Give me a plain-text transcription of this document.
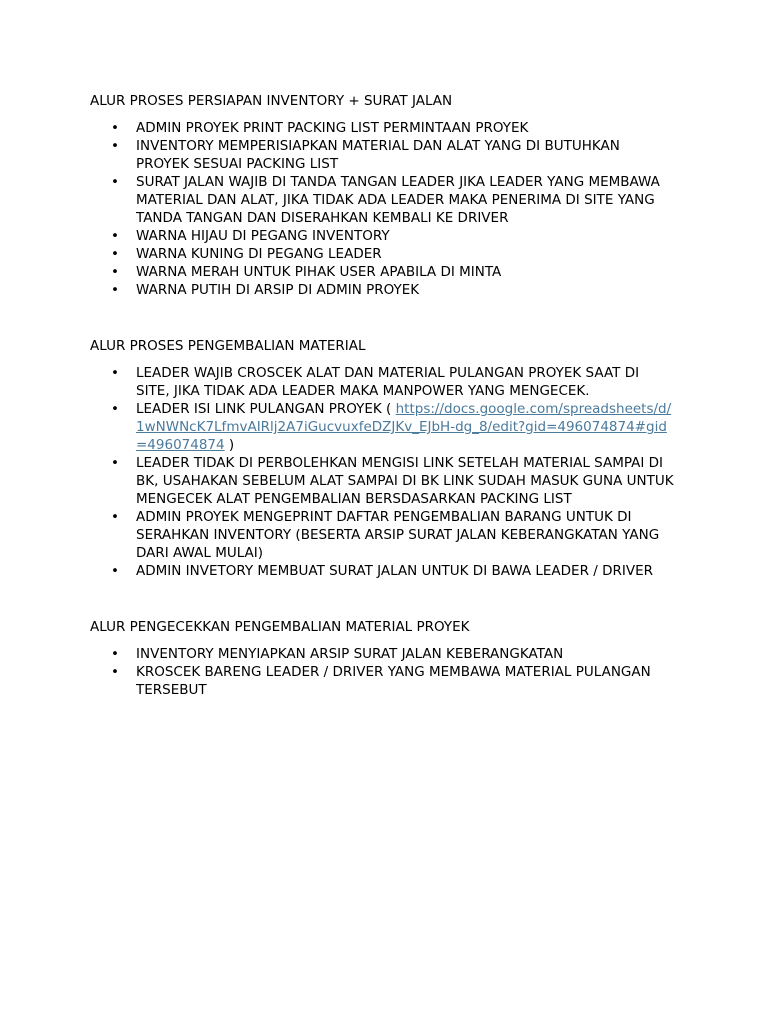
ALUR PROSES PERSIAPAN INVENTORY + SURAT JALAN

• ADMIN PROYEK PRINT PACKING LIST PERMINTAAN PROYEK
• INVENTORY MEMPERISIAPKAN MATERIAL DAN ALAT YANG DI BUTUHKAN PROYEK SESUAI PACKING LIST
• SURAT JALAN WAJIB DI TANDA TANGAN LEADER JIKA LEADER YANG MEMBAWA MATERIAL DAN ALAT, JIKA TIDAK ADA LEADER MAKA PENERIMA DI SITE YANG TANDA TANGAN DAN DISERAHKAN KEMBALI KE DRIVER
• WARNA HIJAU DI PEGANG INVENTORY
• WARNA KUNING DI PEGANG LEADER
• WARNA MERAH UNTUK PIHAK USER APABILA DI MINTA
• WARNA PUTIH DI ARSIP DI ADMIN PROYEK

ALUR PROSES PENGEMBALIAN MATERIAL

• LEADER WAJIB CROSCEK ALAT DAN MATERIAL PULANGAN PROYEK SAAT DI SITE, JIKA TIDAK ADA LEADER MAKA MANPOWER YANG MENGECEK.
• LEADER ISI LINK PULANGAN PROYEK ( https://docs.google.com/spreadsheets/d/1wNWNcK7LfmvAIRlj2A7iGucvuxfeDZJKv_EJbH-dg_8/edit?gid=496074874#gid=496074874 )
• LEADER TIDAK DI PERBOLEHKAN MENGISI LINK SETELAH MATERIAL SAMPAI DI BK, USAHAKAN SEBELUM ALAT SAMPAI DI BK LINK SUDAH MASUK GUNA UNTUK MENGECEK ALAT PENGEMBALIAN BERSDASARKAN PACKING LIST
• ADMIN PROYEK MENGEPRINT DAFTAR PENGEMBALIAN BARANG UNTUK DI SERAHKAN INVENTORY (BESERTA ARSIP SURAT JALAN KEBERANGKATAN YANG DARI AWAL MULAI)
• ADMIN INVETORY MEMBUAT SURAT JALAN UNTUK DI BAWA LEADER / DRIVER

ALUR PENGECEKKAN PENGEMBALIAN MATERIAL PROYEK

• INVENTORY MENYIAPKAN ARSIP SURAT JALAN KEBERANGKATAN
• KROSCEK BARENG LEADER / DRIVER YANG MEMBAWA MATERIAL PULANGAN TERSEBUT
